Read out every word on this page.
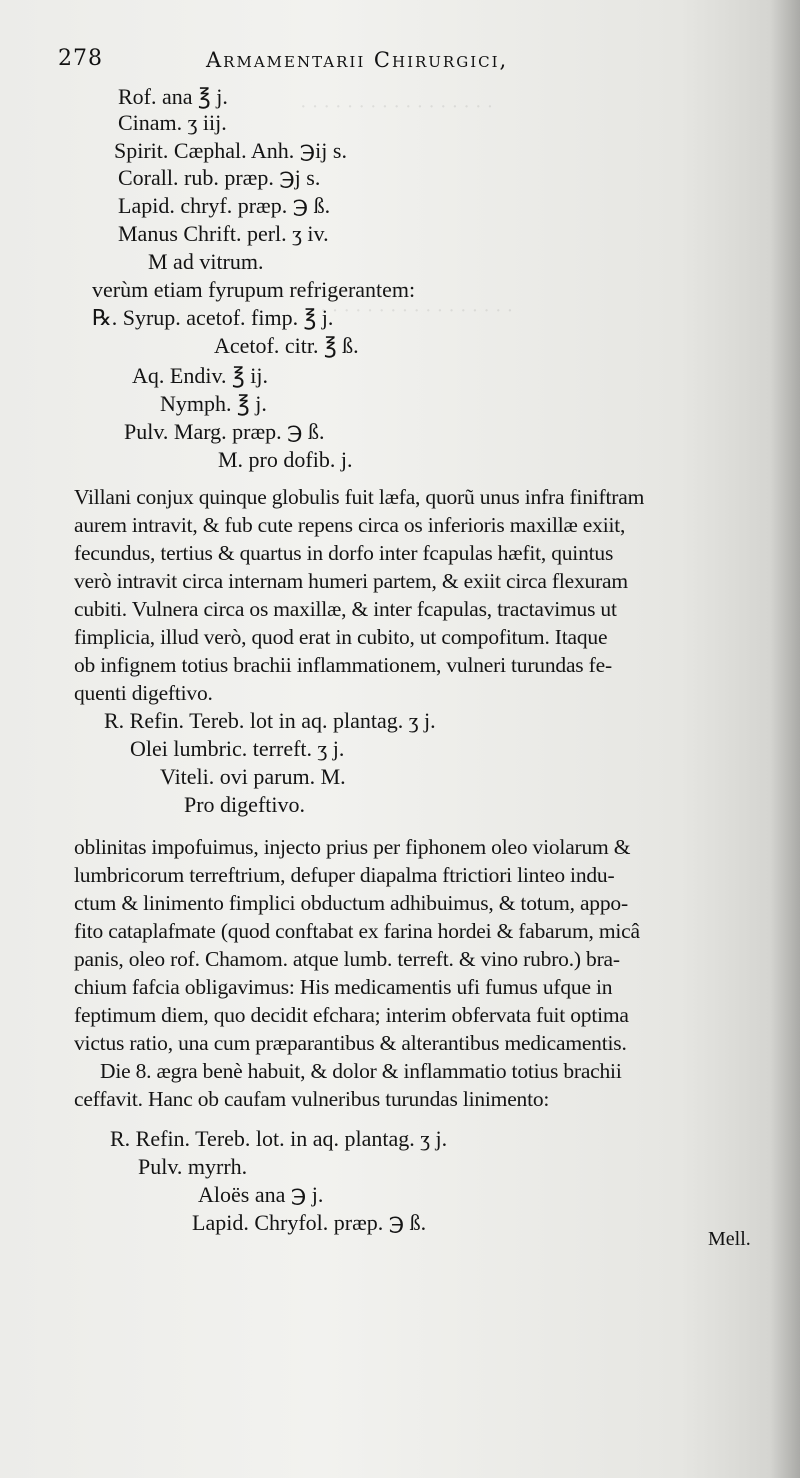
· · · · · · · · · · · · · · · · ·
· · · · · · · · · · · · · · · · ·
278	Armamentarii Chirurgici,
Rof. ana ℥ j.
Cinam. ʒ iij.
Spirit. Cæphal. Anh. ℈ij s.
Corall. rub. præp. ℈j s.
Lapid. chryf. præp. ℈ ß.
Manus Chrift. perl. ʒ iv.
M ad vitrum.
verùm etiam fyrupum refrigerantem:
℞. Syrup. acetof. fimp. ℥ j.
Acetof. citr. ℥ ß.
Aq. Endiv. ℥ ij.
Nymph. ℥ j.
Pulv. Marg. præp. ℈ ß.
M. pro dofib. j.
Villani conjux quinque globulis fuit læfa, quorũ unus infra finiftram
aurem intravit, & fub cute repens circa os inferioris maxillæ exiit,
fecundus, tertius & quartus in dorfo inter fcapulas hæfit, quintus
verò intravit circa internam humeri partem, & exiit circa flexuram
cubiti. Vulnera circa os maxillæ, & inter fcapulas, tractavimus ut
fimplicia, illud verò, quod erat in cubito, ut compofitum. Itaque
ob infignem totius brachii inflammationem, vulneri turundas fe-
quenti digeftivo.
R. Refin. Tereb. lot in aq. plantag. ʒ j.
Olei lumbric. terreft. ʒ j.
Viteli. ovi parum. M.
Pro digeftivo.
oblinitas impofuimus, injecto prius per fiphonem oleo violarum &
lumbricorum terreftrium, defuper diapalma ftrictiori linteo indu-
ctum & linimento fimplici obductum adhibuimus, & totum, appo-
fito cataplafmate (quod conftabat ex farina hordei & fabarum, micâ
panis, oleo rof. Chamom. atque lumb. terreft. & vino rubro.) bra-
chium fafcia obligavimus: His medicamentis ufi fumus ufque in
feptimum diem, quo decidit efchara; interim obfervata fuit optima
victus ratio, una cum præparantibus & alterantibus medicamentis.
Die 8. ægra benè habuit, & dolor & inflammatio totius brachii
ceffavit. Hanc ob caufam vulneribus turundas linimento:
R. Refin. Tereb. lot. in aq. plantag. ʒ j.
Pulv. myrrh.
Aloës ana ℈ j.
Lapid. Chryfol. præp. ℈ ß.
Mell.
